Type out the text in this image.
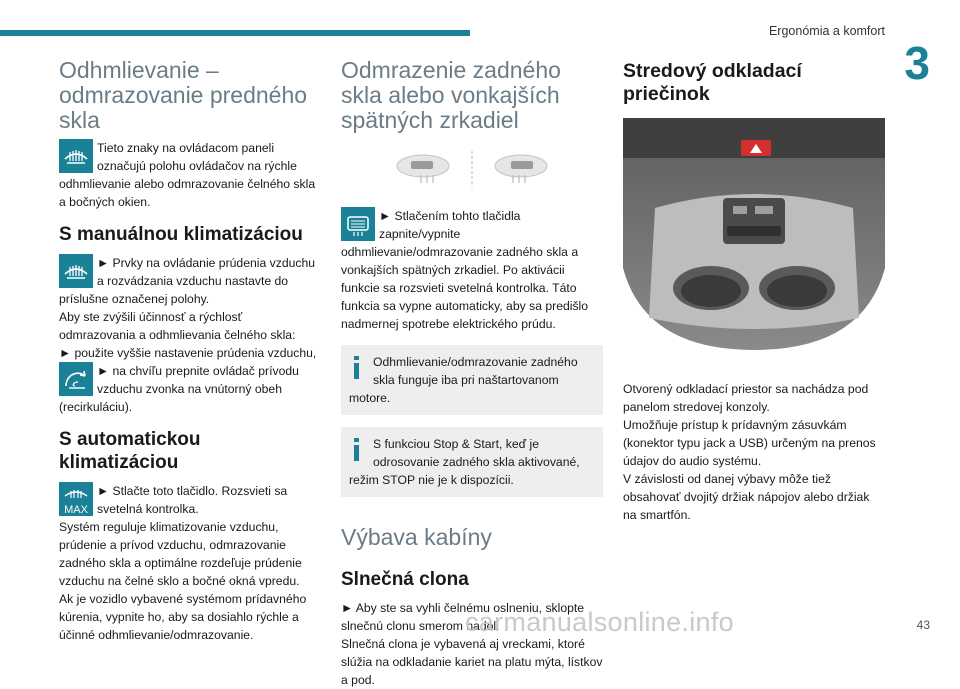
Ergonómia a komfort
3
Odhmlievanie – odmrazovanie predného skla

Tieto znaky na ovládacom paneli označujú polohu ovládačov na rýchle odhmlievanie alebo odmrazovanie čelného skla a bočných okien.

S manuálnou klimatizáciou

► Prvky na ovládanie prúdenia vzduchu a rozvádzania vzduchu nastavte do príslušne označenej polohy.

Aby ste zvýšili účinnosť a rýchlosť odmrazovania a odhmlievania čelného skla:

► použite vyššie nastavenie prúdenia vzduchu,

► na chvíľu prepnite ovládač prívodu vzduchu zvonka na vnútorný obeh (recirkuláciu).

S automatickou klimatizáciou
MAX

► Stlačte toto tlačidlo. Rozsvieti sa svetelná kontrolka.

Systém reguluje klimatizovanie vzduchu, prúdenie a prívod vzduchu, odmrazovanie zadného skla a optimálne rozdeľuje prúdenie vzduchu na čelné sklo a bočné okná vpredu.

Ak je vozidlo vybavené systémom prídavného kúrenia, vypnite ho, aby sa dosiahlo rýchle a účinné odhmlievanie/odmrazovanie.

Odmrazenie zadného skla alebo vonkajších spätných zrkadiel

► Stlačením tohto tlačidla zapnite/vypnite odhmlievanie/odmrazovanie zadného skla a vonkajších spätných zrkadiel. Po aktivácii funkcie sa rozsvieti svetelná kontrolka. Táto funkcia sa vypne automaticky, aby sa predišlo nadmernej spotrebe elektrického prúdu.

Odhmlievanie/odmrazovanie zadného skla funguje iba pri naštartovanom motore.

S funkciou Stop & Start, keď je odrosovanie zadného skla aktivované, režim STOP nie je k dispozícii.

Výbava kabíny
Slnečná clona

► Aby ste sa vyhli čelnému oslneniu, sklopte slnečnú clonu smerom nadol.

Slnečná clona je vybavená aj vreckami, ktoré slúžia na odkladanie kariet na platu mýta, lístkov a pod.

Stredový odkladací priečinok

Otvorený odkladací priestor sa nachádza pod panelom stredovej konzoly.

Umožňuje prístup k prídavným zásuvkám (konektor typu jack a USB) určeným na prenos údajov do audio systému.

V závislosti od danej výbavy môže tiež obsahovať dvojitý držiak nápojov alebo držiak na smartfón.

43
carmanualsonline.info
